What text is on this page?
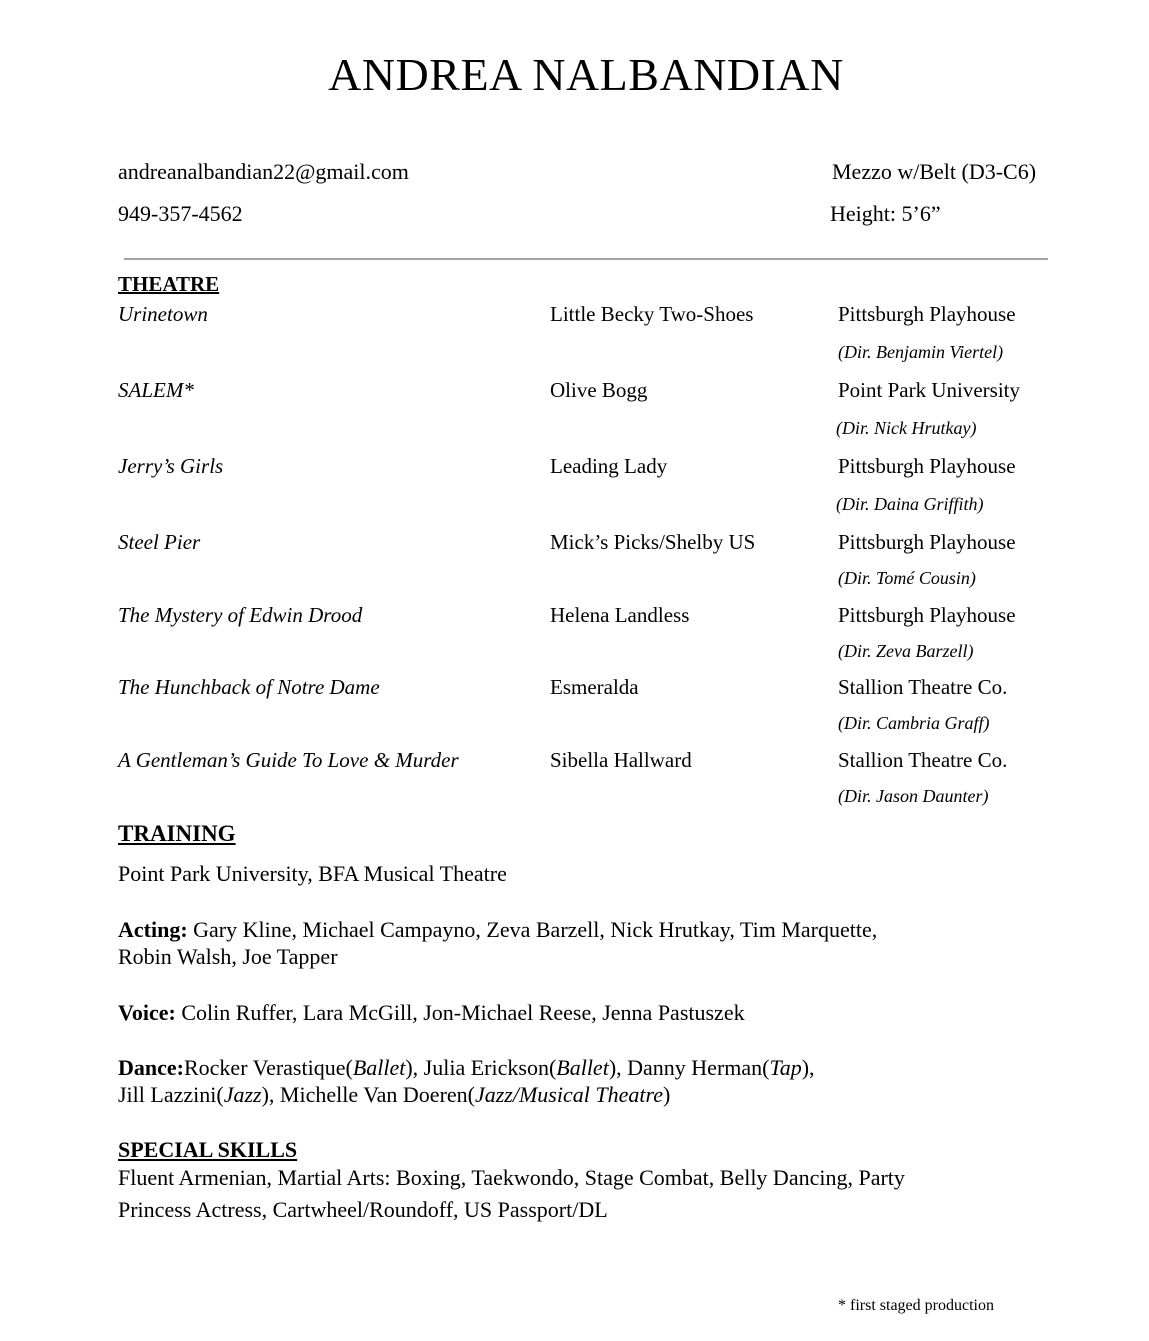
ANDREA NALBANDIAN
andreanalbandian22@gmail.com
949-357-4562
Mezzo w/Belt (D3-C6)
Height: 5’6”
THEATRE
Urinetown	Little Becky Two-Shoes	Pittsburgh Playhouse
(Dir. Benjamin Viertel)
SALEM*	Olive Bogg	Point Park University
(Dir. Nick Hrutkay)
Jerry’s Girls	Leading Lady	Pittsburgh Playhouse
(Dir. Daina Griffith)
Steel Pier	Mick’s Picks/Shelby US	Pittsburgh Playhouse
(Dir. Tomé Cousin)
The Mystery of Edwin Drood	Helena Landless	Pittsburgh Playhouse
(Dir. Zeva Barzell)
The Hunchback of Notre Dame	Esmeralda	Stallion Theatre Co.
(Dir. Cambria Graff)
A Gentleman’s Guide To Love & Murder	Sibella Hallward	Stallion Theatre Co.
(Dir. Jason Daunter)
TRAINING
Point Park University, BFA Musical Theatre
Acting: Gary Kline, Michael Campayno, Zeva Barzell, Nick Hrutkay, Tim Marquette,
Robin Walsh, Joe Tapper
Voice: Colin Ruffer, Lara McGill, Jon-Michael Reese, Jenna Pastuszek
Dance:Rocker Verastique(Ballet), Julia Erickson(Ballet), Danny Herman(Tap),
Jill Lazzini(Jazz), Michelle Van Doeren(Jazz/Musical Theatre)
SPECIAL SKILLS
Fluent Armenian, Martial Arts: Boxing, Taekwondo, Stage Combat, Belly Dancing, Party
Princess Actress, Cartwheel/Roundoff, US Passport/DL
* first staged production
